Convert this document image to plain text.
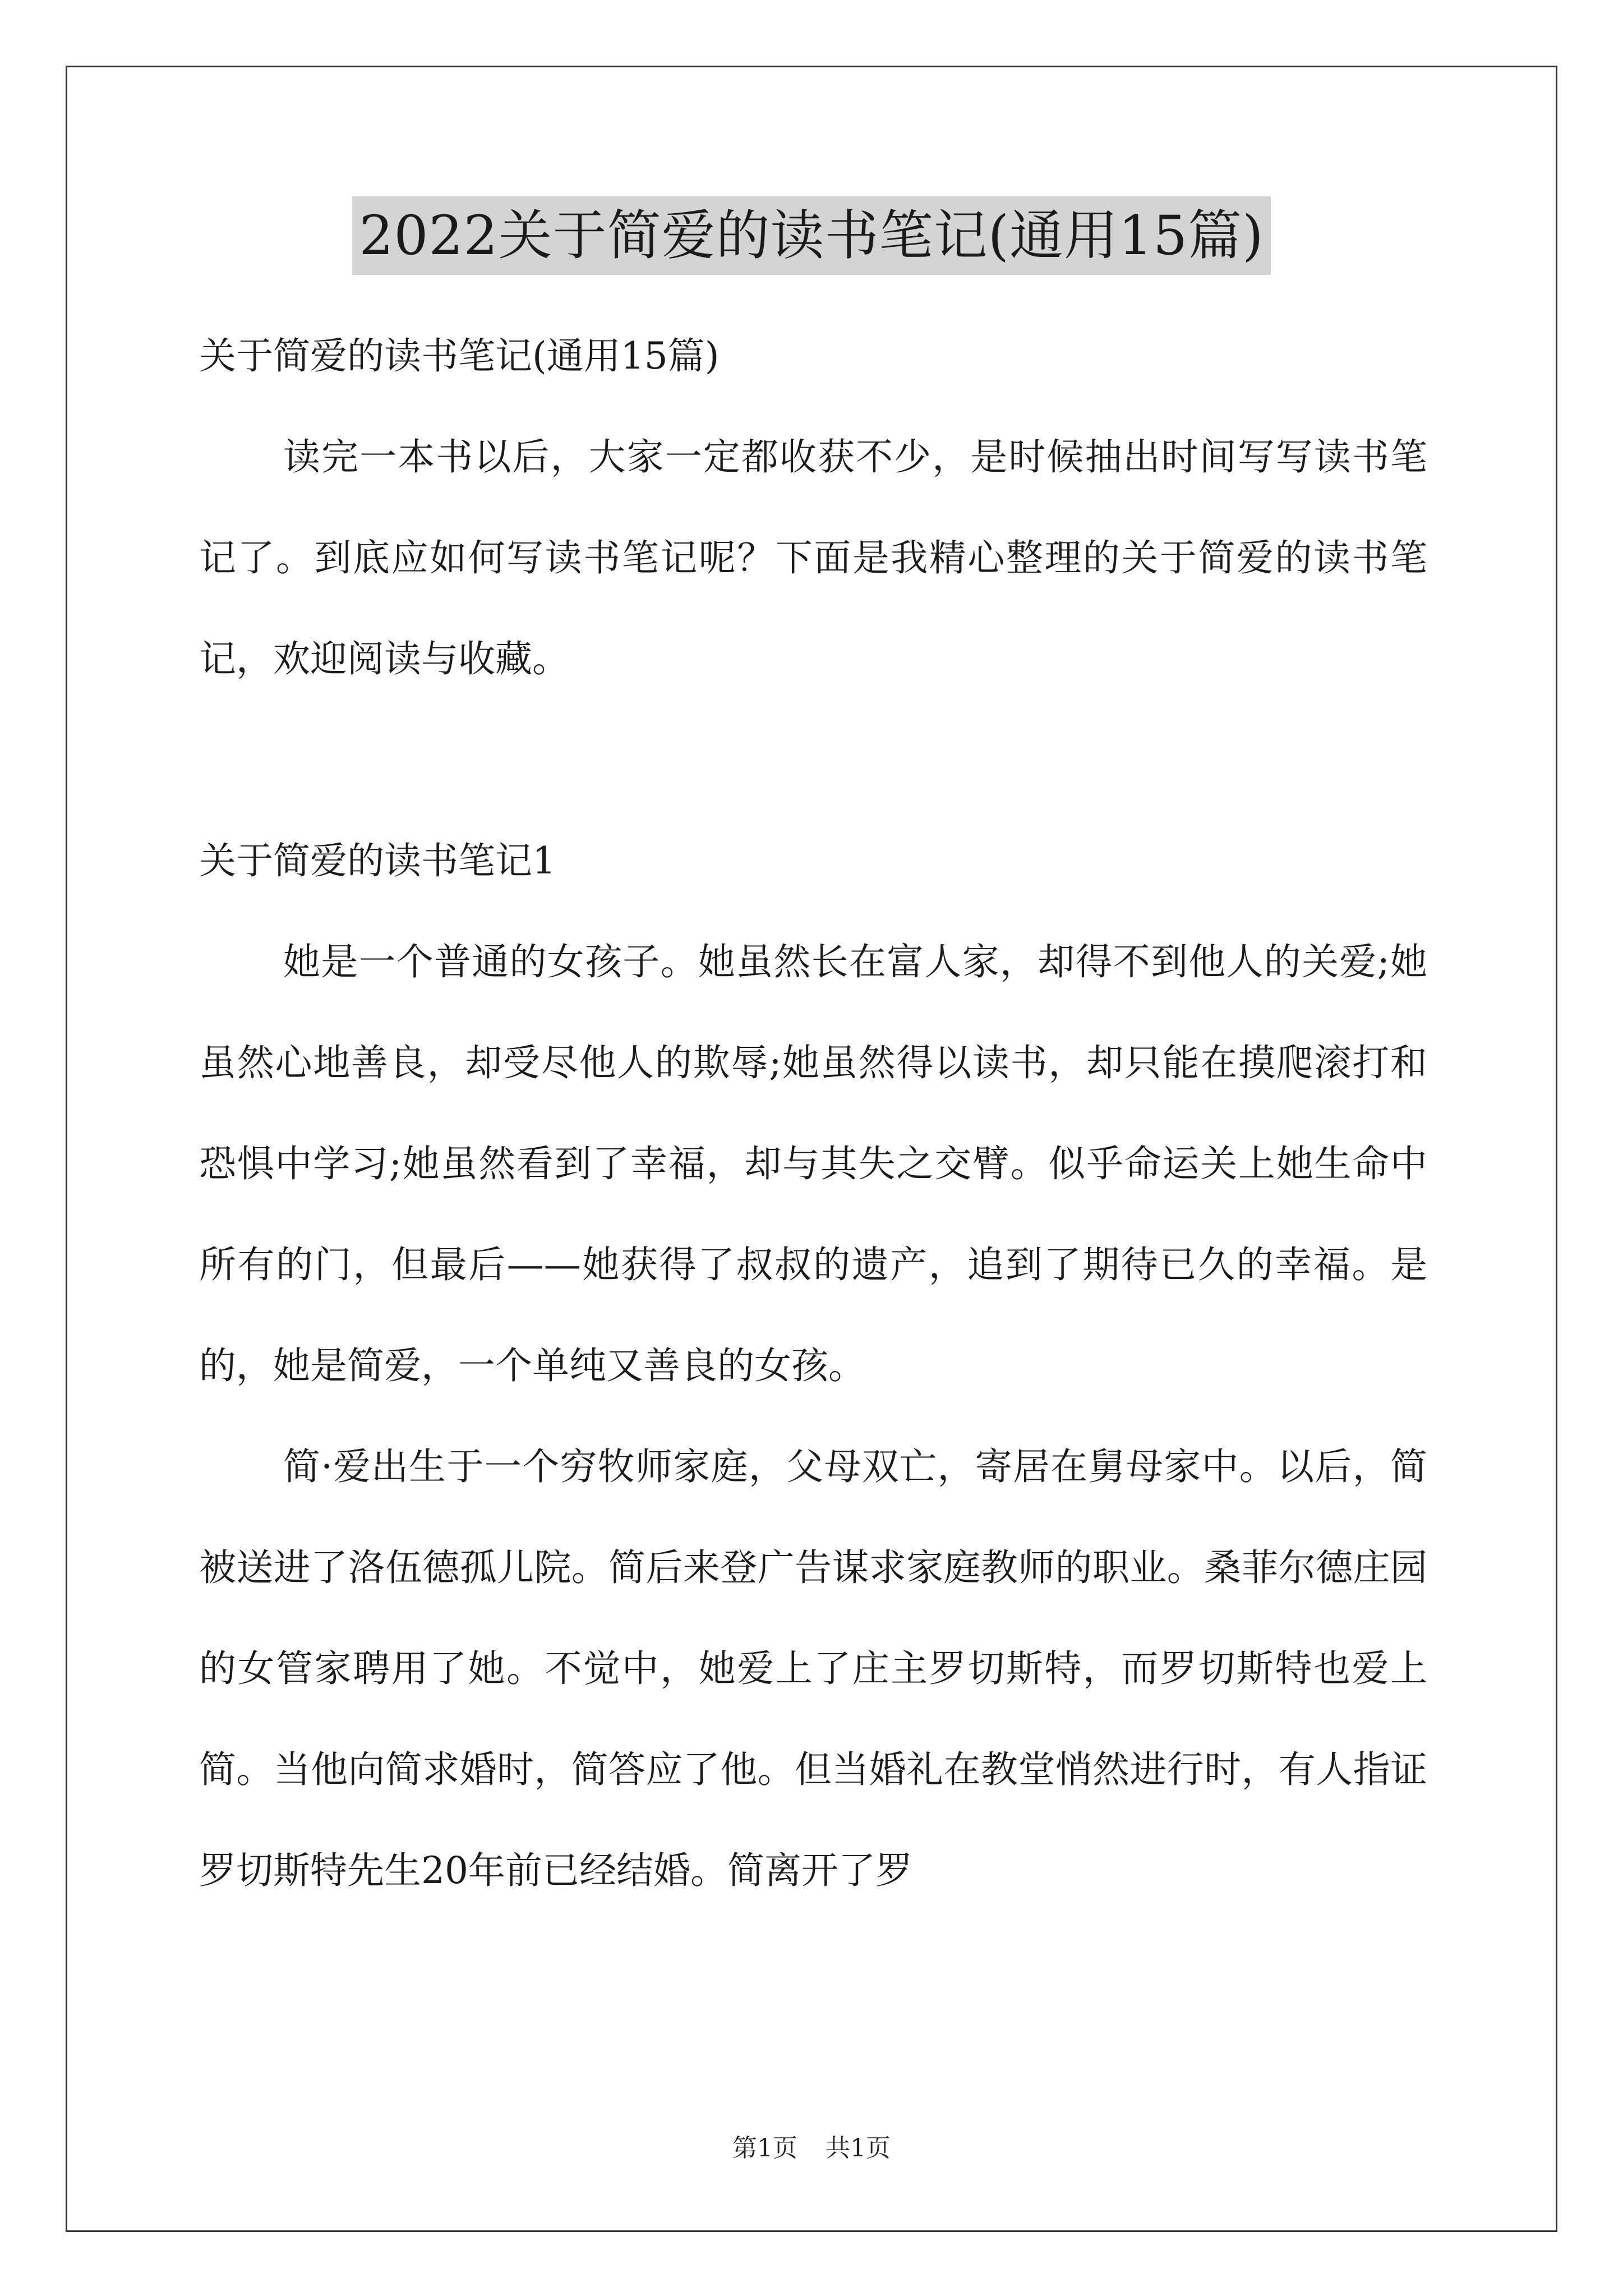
2022关于简爱的读书笔记(通用15篇)

关于简爱的读书笔记(通用15篇)

读完一本书以后，大家一定都收获不少，是时候抽出时间写写读书笔记了。到底应如何写读书笔记呢？下面是我精心整理的关于简爱的读书笔记，欢迎阅读与收藏。

关于简爱的读书笔记1

她是一个普通的女孩子。她虽然长在富人家，却得不到他人的关爱;她虽然心地善良，却受尽他人的欺辱;她虽然得以读书，却只能在摸爬滚打和恐惧中学习;她虽然看到了幸福，却与其失之交臂。似乎命运关上她生命中所有的门，但最后——她获得了叔叔的遗产，追到了期待已久的幸福。是的，她是简爱，一个单纯又善良的女孩。

简·爱出生于一个穷牧师家庭，父母双亡，寄居在舅母家中。以后，简被送进了洛伍德孤儿院。简后来登广告谋求家庭教师的职业。桑菲尔德庄园的女管家聘用了她。不觉中，她爱上了庄主罗切斯特，而罗切斯特也爱上简。当他向简求婚时，简答应了他。但当婚礼在教堂悄然进行时，有人指证罗切斯特先生20年前已经结婚。简离开了罗

第1页 共1页
